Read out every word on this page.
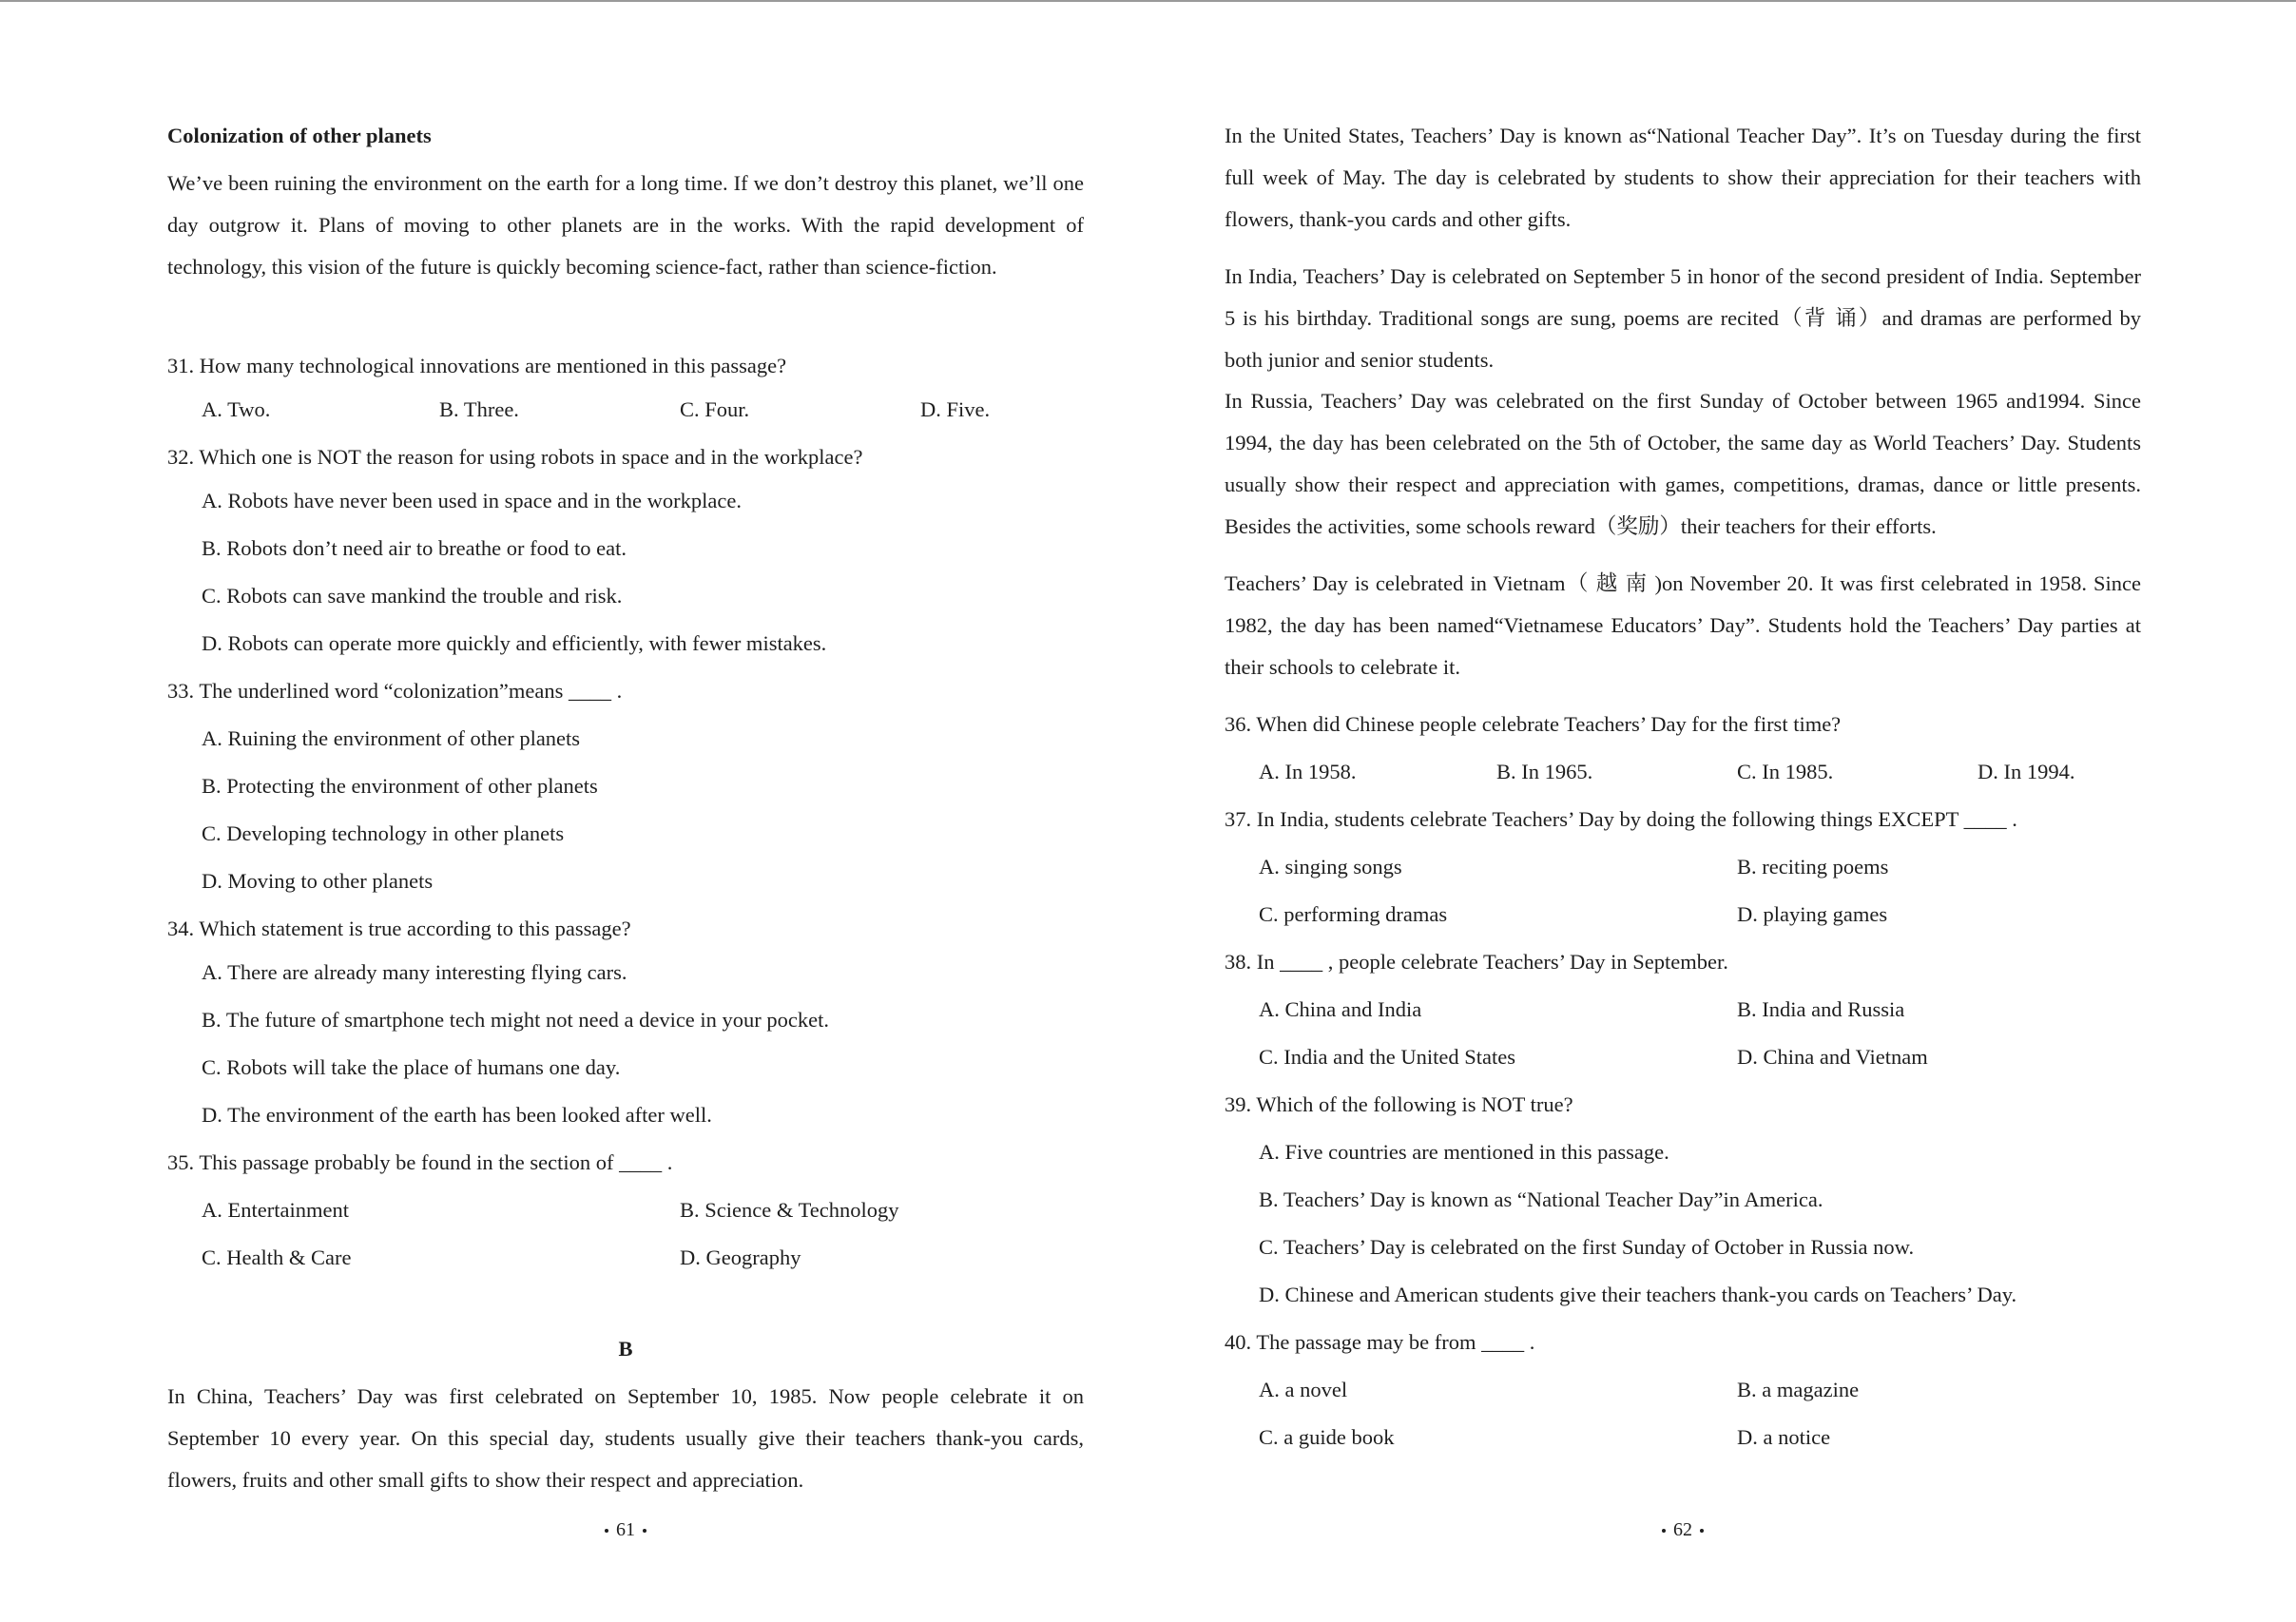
Colonization of other planets

We’ve been ruining the environment on the earth for a long time. If we don’t destroy this planet, we’ll one day outgrow it. Plans of moving to other planets are in the works. With the rapid development of technology, this vision of the future is quickly becoming science-fact, rather than science-fiction.

31. How many technological innovations are mentioned in this passage?
A. Two.	B. Three.	C. Four.	D. Five.
32. Which one is NOT the reason for using robots in space and in the workplace?
A. Robots have never been used in space and in the workplace.
B. Robots don’t need air to breathe or food to eat.
C. Robots can save mankind the trouble and risk.
D. Robots can operate more quickly and efficiently, with fewer mistakes.
33. The underlined word “colonization”means ____ .
A. Ruining the environment of other planets
B. Protecting the environment of other planets
C. Developing technology in other planets
D. Moving to other planets
34. Which statement is true according to this passage?
A. There are already many interesting flying cars.
B. The future of smartphone tech might not need a device in your pocket.
C. Robots will take the place of humans one day.
D. The environment of the earth has been looked after well.
35. This passage probably be found in the section of ____ .
A. Entertainment	B. Science & Technology
C. Health & Care	D. Geography
B

In China, Teachers’ Day was first celebrated on September 10, 1985. Now people celebrate it on September 10 every year. On this special day, students usually give their teachers thank-you cards, flowers, fruits and other small gifts to show their respect and appreciation.

61

In the United States, Teachers’ Day is known as“National Teacher Day”. It’s on Tuesday during the first full week of May. The day is celebrated by students to show their appreciation for their teachers with flowers, thank-you cards and other gifts.

In India, Teachers’ Day is celebrated on September 5 in honor of the second president of India. September 5 is his birthday. Traditional songs are sung, poems are recited（背 诵）and dramas are performed by both junior and senior students.

In Russia, Teachers’ Day was celebrated on the first Sunday of October between 1965 and1994. Since 1994, the day has been celebrated on the 5th of October, the same day as World Teachers’ Day. Students usually show their respect and appreciation with games, competitions, dramas, dance or little presents. Besides the activities, some schools reward（奖励）their teachers for their efforts.

Teachers’ Day is celebrated in Vietnam（ 越 南 )on November 20. It was first celebrated in 1958. Since 1982, the day has been named“Vietnamese Educators’ Day”. Students hold the Teachers’ Day parties at their schools to celebrate it.

36. When did Chinese people celebrate Teachers’ Day for the first time?
A. In 1958.	B. In 1965.	C. In 1985.	D. In 1994.
37. In India, students celebrate Teachers’ Day by doing the following things EXCEPT ____ .
A. singing songs	B. reciting poems
C. performing dramas	D. playing games
38. In ____ , people celebrate Teachers’ Day in September.
A. China and India	B. India and Russia
C. India and the United States	D. China and Vietnam
39. Which of the following is NOT true?
A. Five countries are mentioned in this passage.
B. Teachers’ Day is known as “National Teacher Day”in America.
C. Teachers’ Day is celebrated on the first Sunday of October in Russia now.
D. Chinese and American students give their teachers thank-you cards on Teachers’ Day.
40. The passage may be from ____ .
A. a novel	B. a magazine
C. a guide book	D. a notice
62
